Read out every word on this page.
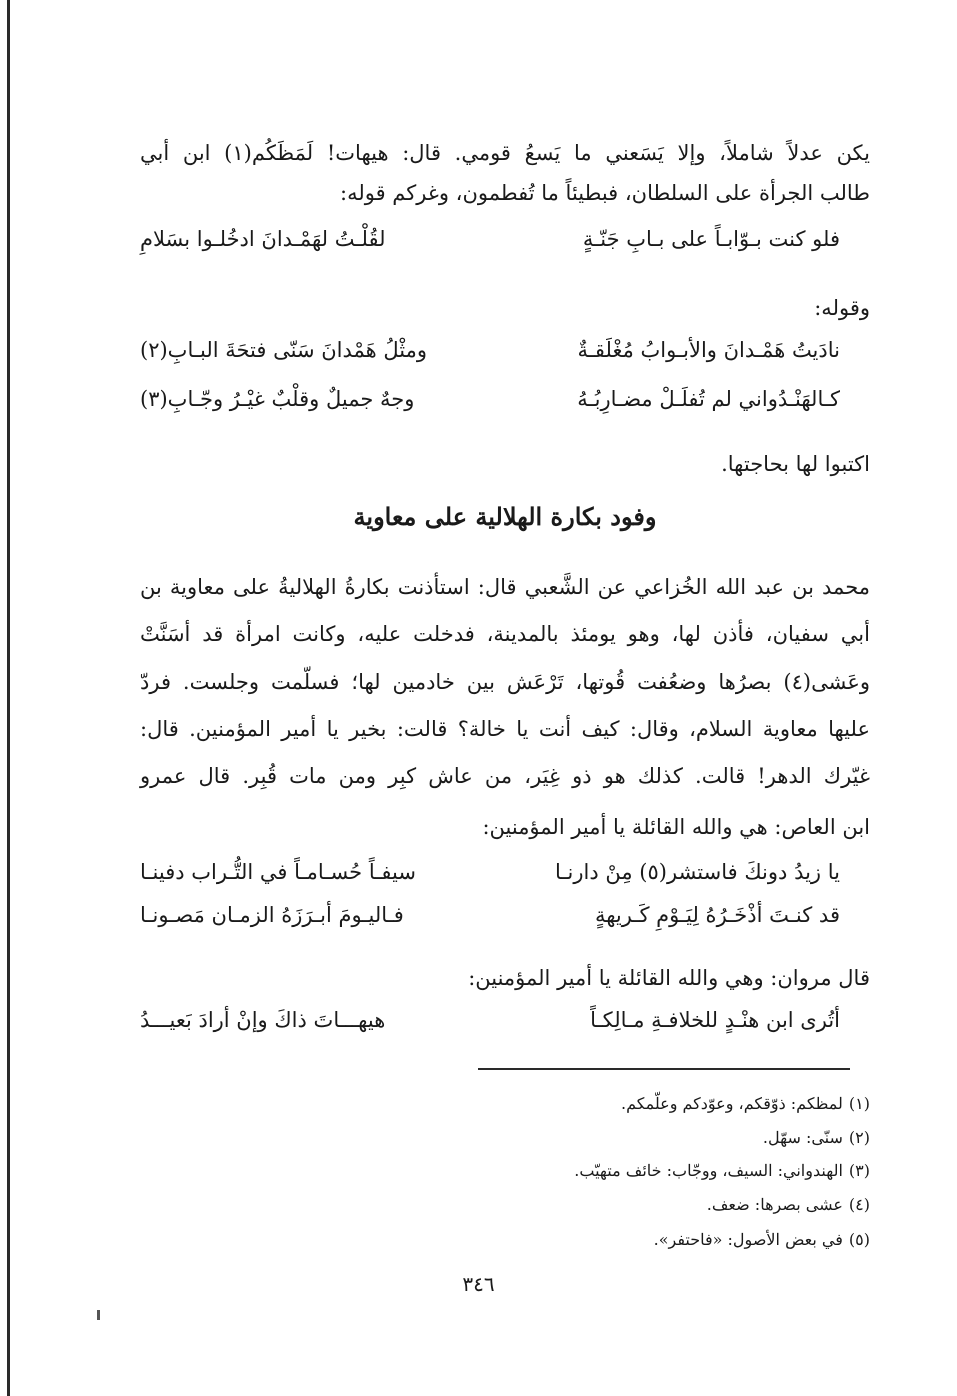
يكن عدلاً شاملاً، وإلا يَسَعني ما يَسعُ قومي. قال: هيهات! لَمَظَكُم(١) ابن أبي
طالب الجرأة على السلطان، فبطيئاً ما تُفطمون، وغركم قوله:
فلو كنت بـوّابـاً على بـابِ جَنّـةٍ
لقُلْـتُ لهَمْـدانَ ادخُلـوا بسَلامِ
وقوله:
نادَيتُ هَمْـدانَ والأبـوابُ مُغْلَقـةٌ
ومثْلُ هَمْدانَ سَنّى فتحَةَ البـابِ(٢)
كـالهَنْـدُواني لم تُفلَـلْ مضـارِبُـهُ
وجهٌ جميلٌ وقلْبٌ غيْـرُ وجّـابِ(٣)
اكتبوا لها بحاجتها.
وفود بكارة الهلالية على معاوية
محمد بن عبد الله الخُزاعي عن الشَّعبي قال: استأذنت بكارةُ الهلاليةُ على معاوية بن
أبي سفيان، فأذن لها، وهو يومئذ بالمدينة، فدخلت عليه، وكانت امرأة قد أسَنَّتْ
وعَشى(٤) بصرُها وضعُفت قُوتها، تَرْعَش بين خادمين لها؛ فسلّمت وجلست. فردّ
عليها معاوية السلام، وقال: كيف أنت يا خالة؟ قالت: بخير يا أمير المؤمنين. قال:
غيّرك الدهر! قالت. كذلك هو ذو غِيَر، من عاش كبِر ومن مات قُبِر. قال عمرو
ابن العاص: هي والله القائلة يا أمير المؤمنين:
يا زيدُ دونكَ فاستشر(٥) مِنْ دارنـا
سيفـاً حُسـامـاً في التُّـراب دفينـا
قد كنـتَ أذْخَـرُهُ لِيَـوْمِ كَـريهةٍ
فـاليـومَ أبـرَزَهُ الزمـان مَصـونـا
قال مروان: وهي والله القائلة يا أمير المؤمنين:
أتُرى ابن هنْـدٍ للخلافـةِ مـالِكـاً
هيهـــاتَ ذاكَ وإنْ أرادَ بَعيـــدُ
(١)لمظكم: ذوّقكم، وعوّدكم وعلّمكم.
(٢)سنّى: سهّل.
(٣)الهندواني: السيف، ووجّاب: خائف متهيّب.
(٤)عشى بصرها: ضعف.
(٥)في بعض الأصول: «فاحتفر».
٣٤٦
